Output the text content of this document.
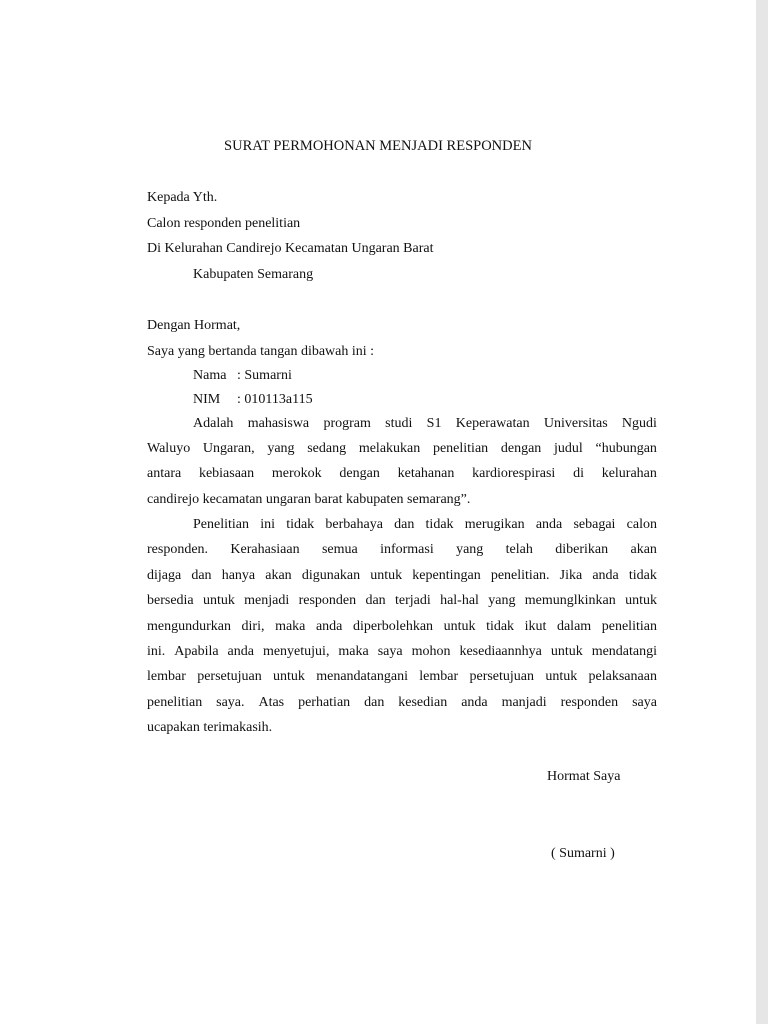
SURAT PERMOHONAN MENJADI RESPONDEN
Kepada Yth.
Calon responden penelitian
Di Kelurahan Candirejo Kecamatan Ungaran Barat
Kabupaten Semarang
Dengan Hormat,
Saya yang bertanda tangan dibawah ini :
Nama : Sumarni
NIM : 010113a115
Adalah mahasiswa program studi S1 Keperawatan Universitas Ngudi
Waluyo Ungaran, yang sedang melakukan penelitian dengan judul “hubungan
antara kebiasaan merokok dengan ketahanan kardiorespirasi di kelurahan
candirejo kecamatan ungaran barat kabupaten semarang”.
Penelitian ini tidak berbahaya dan tidak merugikan anda sebagai calon
responden. Kerahasiaan semua informasi yang telah diberikan akan
dijaga dan hanya akan digunakan untuk kepentingan penelitian. Jika anda tidak
bersedia untuk menjadi responden dan terjadi hal-hal yang memunglkinkan untuk
mengundurkan diri, maka anda diperbolehkan untuk tidak ikut dalam penelitian
ini. Apabila anda menyetujui, maka saya mohon kesediaannhya untuk mendatangi
lembar persetujuan untuk menandatangani lembar persetujuan untuk pelaksanaan
penelitian saya. Atas perhatian dan kesedian anda manjadi responden saya
ucapakan terimakasih.
Hormat Saya
( Sumarni )
